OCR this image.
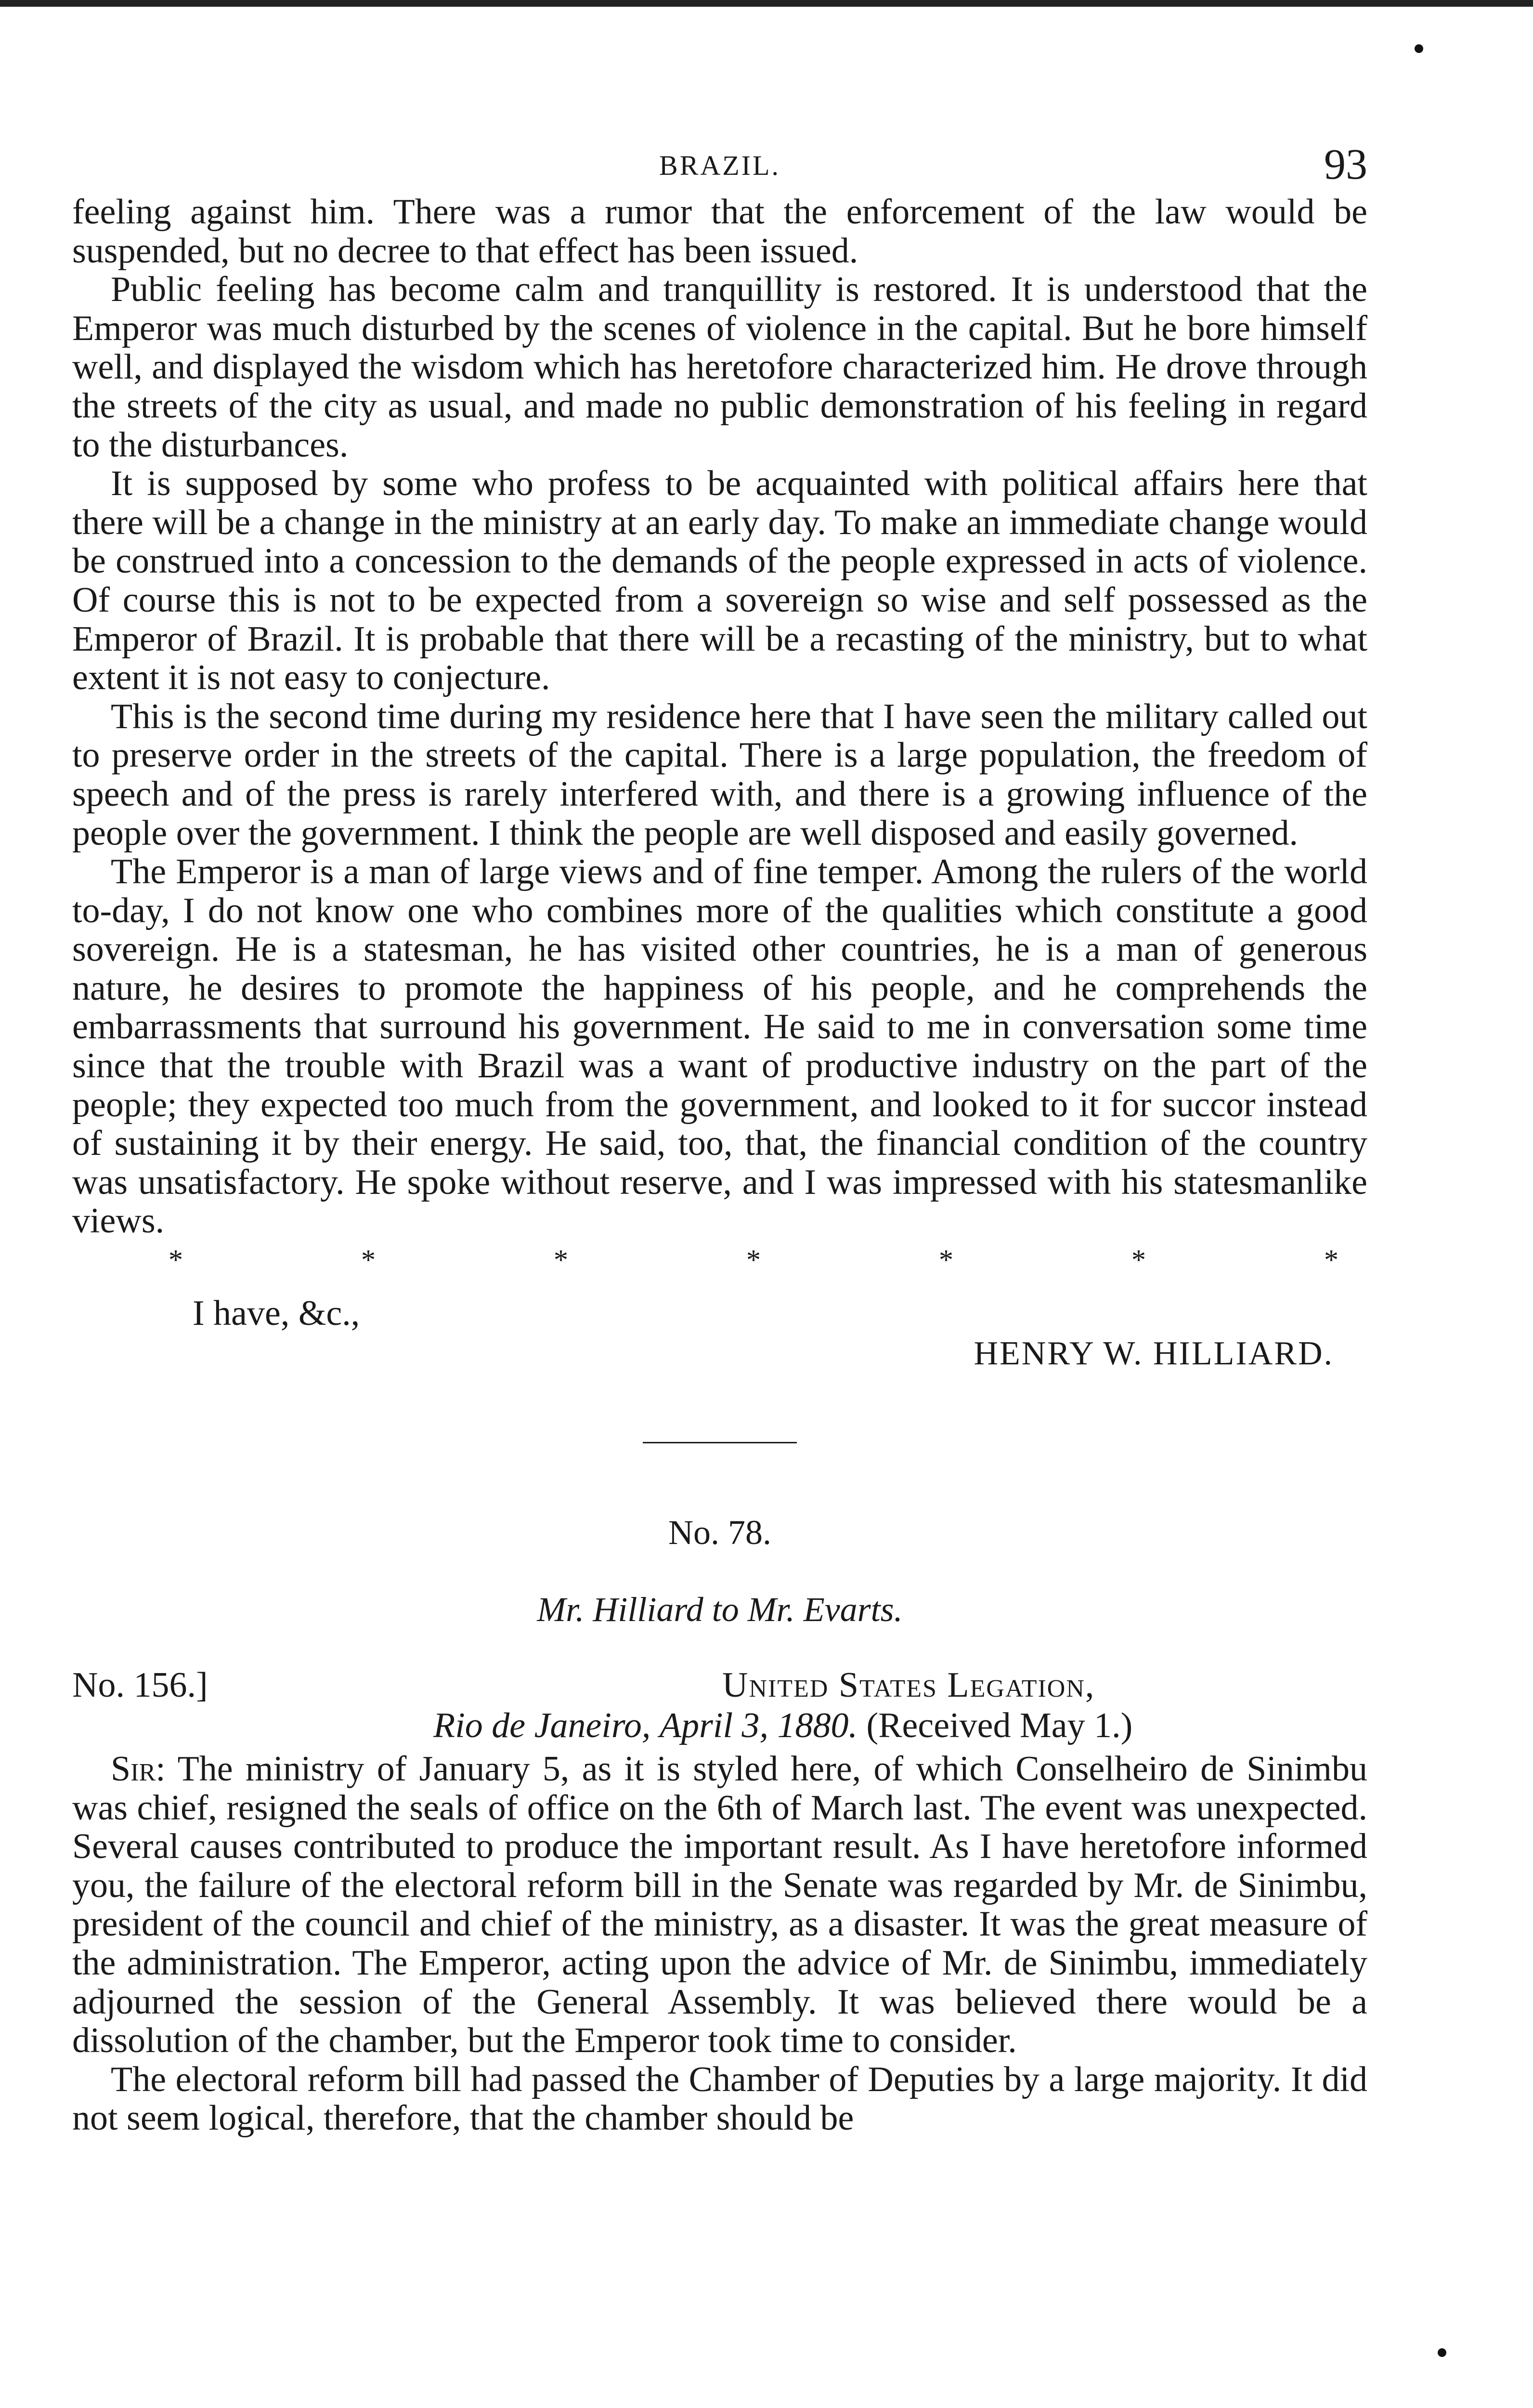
BRAZIL.	93

feeling against him. There was a rumor that the enforcement of the law would be suspended, but no decree to that effect has been issued.

Public feeling has become calm and tranquillity is restored. It is understood that the Emperor was much disturbed by the scenes of violence in the capital. But he bore himself well, and displayed the wisdom which has heretofore characterized him. He drove through the streets of the city as usual, and made no public demonstration of his feeling in regard to the disturbances.

It is supposed by some who profess to be acquainted with political affairs here that there will be a change in the ministry at an early day. To make an immediate change would be construed into a concession to the demands of the people expressed in acts of violence. Of course this is not to be expected from a sovereign so wise and self possessed as the Emperor of Brazil. It is probable that there will be a recasting of the ministry, but to what extent it is not easy to conjecture.

This is the second time during my residence here that I have seen the military called out to preserve order in the streets of the capital. There is a large population, the freedom of speech and of the press is rarely interfered with, and there is a growing influence of the people over the government. I think the people are well disposed and easily governed.

The Emperor is a man of large views and of fine temper. Among the rulers of the world to-day, I do not know one who combines more of the qualities which constitute a good sovereign. He is a statesman, he has visited other countries, he is a man of generous nature, he desires to promote the happiness of his people, and he comprehends the embarrassments that surround his government. He said to me in conversation some time since that the trouble with Brazil was a want of productive industry on the part of the people; they expected too much from the government, and looked to it for succor instead of sustaining it by their energy. He said, too, that, the financial condition of the country was unsatisfactory. He spoke without reserve, and I was impressed with his statesmanlike views.

*	*	*	*	*	*	*
I have, &c.,
HENRY W. HILLIARD.
No. 78.
Mr. Hilliard to Mr. Evarts.
No. 156.]	United States Legation,
Rio de Janeiro, April 3, 1880. (Received May 1.)

Sir: The ministry of January 5, as it is styled here, of which Conselheiro de Sinimbu was chief, resigned the seals of office on the 6th of March last. The event was unexpected. Several causes contributed to produce the important result. As I have heretofore informed you, the failure of the electoral reform bill in the Senate was regarded by Mr. de Sinimbu, president of the council and chief of the ministry, as a disaster. It was the great measure of the administration. The Emperor, acting upon the advice of Mr. de Sinimbu, immediately adjourned the session of the General Assembly. It was believed there would be a dissolution of the chamber, but the Emperor took time to consider.

The electoral reform bill had passed the Chamber of Deputies by a large majority. It did not seem logical, therefore, that the chamber should be
